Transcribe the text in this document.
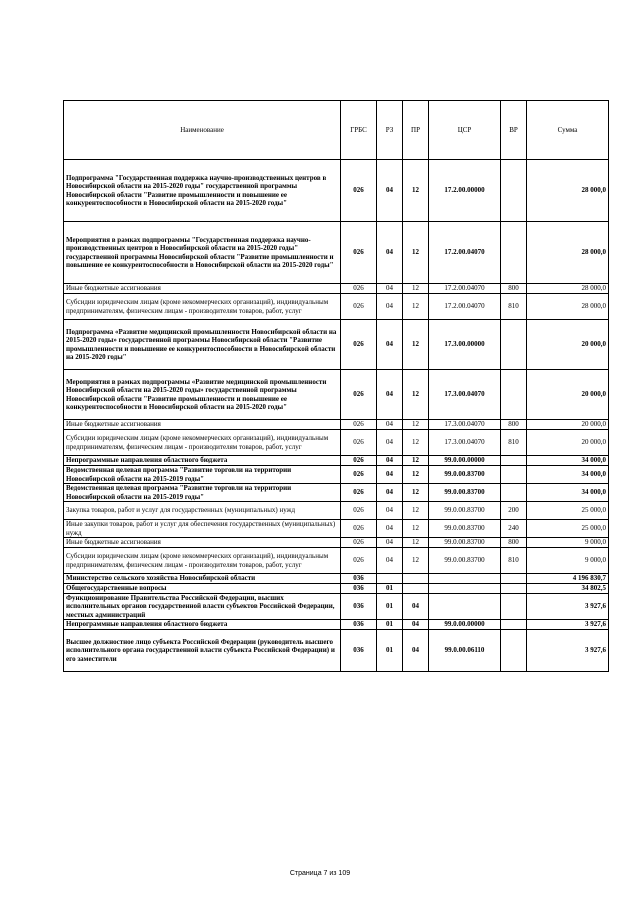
Наименование	ГРБС	РЗ	ПР	ЦСР	ВР	Сумма
Подпрограмма "Государственная поддержка научно-производственных центров в Новосибирской области на 2015-2020 годы" государственной программы Новосибирской области "Развитие промышленности и повышение ее конкурентоспособности в Новосибирской области на 2015-2020 годы"	026	04	12	17.2.00.00000		28 000,0
Мероприятия в рамках подпрограммы "Государственная поддержка научно-производственных центров в Новосибирской области на 2015-2020 годы" государственной программы Новосибирской области "Развитие промышленности и повышение ее конкурентоспособности в Новосибирской области на 2015-2020 годы"	026	04	12	17.2.00.04070		28 000,0
Иные бюджетные ассигнования	026	04	12	17.2.00.04070	800	28 000,0
Субсидии юридическим лицам (кроме некоммерческих организаций), индивидуальным предпринимателям, физическим лицам - производителям товаров, работ, услуг	026	04	12	17.2.00.04070	810	28 000,0
Подпрограмма «Развитие медицинской промышленности Новосибирской области на 2015-2020 годы» государственной программы Новосибирской области "Развитие промышленности и повышение ее конкурентоспособности в Новосибирской области на 2015-2020 годы"	026	04	12	17.3.00.00000		20 000,0
Мероприятия в рамках подпрограммы «Развитие медицинской промышленности Новосибирской области на 2015-2020 годы» государственной программы Новосибирской области "Развитие промышленности и повышение ее конкурентоспособности в Новосибирской области на 2015-2020 годы"	026	04	12	17.3.00.04070		20 000,0
Иные бюджетные ассигнования	026	04	12	17.3.00.04070	800	20 000,0
Субсидии юридическим лицам (кроме некоммерческих организаций), индивидуальным предпринимателям, физическим лицам - производителям товаров, работ, услуг	026	04	12	17.3.00.04070	810	20 000,0
Непрограммные направления областного бюджета	026	04	12	99.0.00.00000		34 000,0
Ведомственная целевая программа "Развитие торговли на территории Новосибирской области на 2015-2019 годы"	026	04	12	99.0.00.83700		34 000,0
Ведомственная целевая программа "Развитие торговли на территории Новосибирской области на 2015-2019 годы"	026	04	12	99.0.00.83700		34 000,0
Закупка товаров, работ и услуг для государственных (муниципальных) нужд	026	04	12	99.0.00.83700	200	25 000,0
Иные закупки товаров, работ и услуг для обеспечения государственных (муниципальных) нужд	026	04	12	99.0.00.83700	240	25 000,0
Иные бюджетные ассигнования	026	04	12	99.0.00.83700	800	9 000,0
Субсидии юридическим лицам (кроме некоммерческих организаций), индивидуальным предпринимателям, физическим лицам - производителям товаров, работ, услуг	026	04	12	99.0.00.83700	810	9 000,0
Министерство сельского хозяйства Новосибирской области	036					4 196 830,7
Общегосударственные вопросы	036	01				34 802,5
Функционирование Правительства Российской Федерации, высших исполнительных органов государственной власти субъектов Российской Федерации, местных администраций	036	01	04			3 927,6
Непрограммные направления областного бюджета	036	01	04	99.0.00.00000		3 927,6
Высшее должностное лицо субъекта Российской Федерации (руководитель высшего исполнительного органа государственной власти субъекта Российской Федерации) и его заместители	036	01	04	99.0.00.06110		3 927,6
Страница 7 из 109
